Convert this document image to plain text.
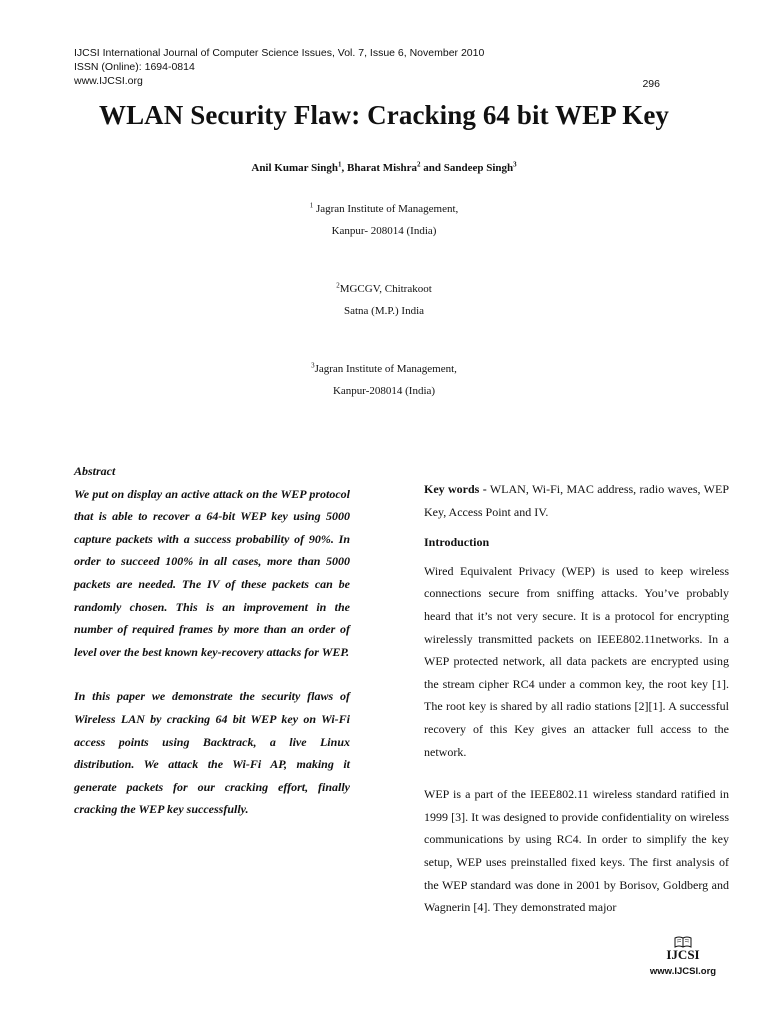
IJCSI International Journal of Computer Science Issues, Vol. 7, Issue 6, November 2010
ISSN (Online): 1694-0814
www.IJCSI.org	296
WLAN Security Flaw: Cracking 64 bit WEP Key
Anil Kumar Singh$^1$, Bharat Mishra$^2$ and Sandeep Singh$^3$
$^1$ Jagran Institute of Management,
Kanpur- 208014 (India)
$^2$MGCGV, Chitrakoot
Satna (M.P.) India
$^3$Jagran Institute of Management,
Kanpur-208014 (India)
Abstract

We put on display an active attack on the WEP protocol that is able to recover a 64-bit WEP key using 5000 capture packets with a success probability of 90%. In order to succeed 100% in all cases, more than 5000 packets are needed. The IV of these packets can be randomly chosen. This is an improvement in the number of required frames by more than an order of level over the best known key-recovery attacks for WEP.

In this paper we demonstrate the security flaws of Wireless LAN by cracking 64 bit WEP key on Wi-Fi access points using Backtrack, a live Linux distribution. We attack the Wi-Fi AP, making it generate packets for our cracking effort, finally cracking the WEP key successfully.

Key words - WLAN, Wi-Fi, MAC address, radio waves, WEP Key, Access Point and IV.
Introduction

Wired Equivalent Privacy (WEP) is used to keep wireless connections secure from sniffing attacks. You’ve probably heard that it’s not very secure. It is a protocol for encrypting wirelessly transmitted packets on IEEE802.11networks. In a WEP protected network, all data packets are encrypted using the stream cipher RC4 under a common key, the root key [1]. The root key is shared by all radio stations [2][1]. A successful recovery of this Key gives an attacker full access to the network.

WEP is a part of the IEEE802.11 wireless standard ratified in 1999 [3]. It was designed to provide confidentiality on wireless communications by using RC4. In order to simplify the key setup, WEP uses preinstalled fixed keys. The first analysis of the WEP standard was done in 2001 by Borisov, Goldberg and Wagnerin [4]. They demonstrated major

IJCSI
www.IJCSI.org
